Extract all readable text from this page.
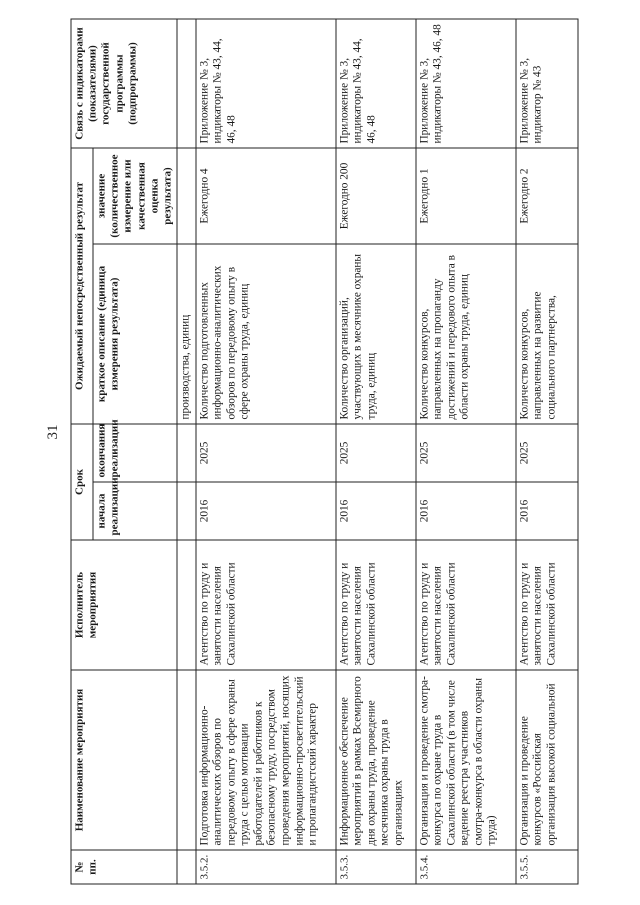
31
№ пп.	Наименование мероприятия	Исполнитель мероприятия	Срок		Ожидаемый непосредственный результат		Связь с индикаторами (показателями) государственной программы (подпрограммы)
			начала реализации	окончания реализации	краткое описание (единица измерения результата)	значение (количественное измерение или качественная оценка результата)	
					производства, единиц		
3.5.2.	Подготовка информационно-аналитических обзоров по передовому опыту в сфере охраны труда с целью мотивации работодателей и работников к безопасному труду, посредством проведения мероприятий, носящих информационно-просветительский и пропагандистский характер	Агентство по труду и занятости населения Сахалинской области	2016	2025	Количество подготовленных информационно-аналитических обзоров по передовому опыту в сфере охраны труда, единиц	Ежегодно 4	Приложение № 3, индикаторы № 43, 44, 46, 48
3.5.3.	Информационное обеспечение мероприятий в рамках Всемирного дня охраны труда, проведение месячника охраны труда в организациях	Агентство по труду и занятости населения Сахалинской области	2016	2025	Количество организаций, участвующих в месячнике охраны труда, единиц	Ежегодно 200	Приложение № 3, индикаторы № 43, 44, 46, 48
3.5.4.	Организация и проведение смотра-конкурса по охране труда в Сахалинской области (в том числе ведение реестра участников смотра-конкурса в области охраны труда)	Агентство по труду и занятости населения Сахалинской области	2016	2025	Количество конкурсов, направленных на пропаганду достижений и передового опыта в области охраны труда, единиц	Ежегодно 1	Приложение № 3, индикаторы № 43, 46, 48
3.5.5.	Организация и проведение конкурсов «Российская организация высокой социальной	Агентство по труду и занятости населения Сахалинской области	2016	2025	Количество конкурсов, направленных на развитие социального партнерства,	Ежегодно 2	Приложение № 3, индикатор № 43
